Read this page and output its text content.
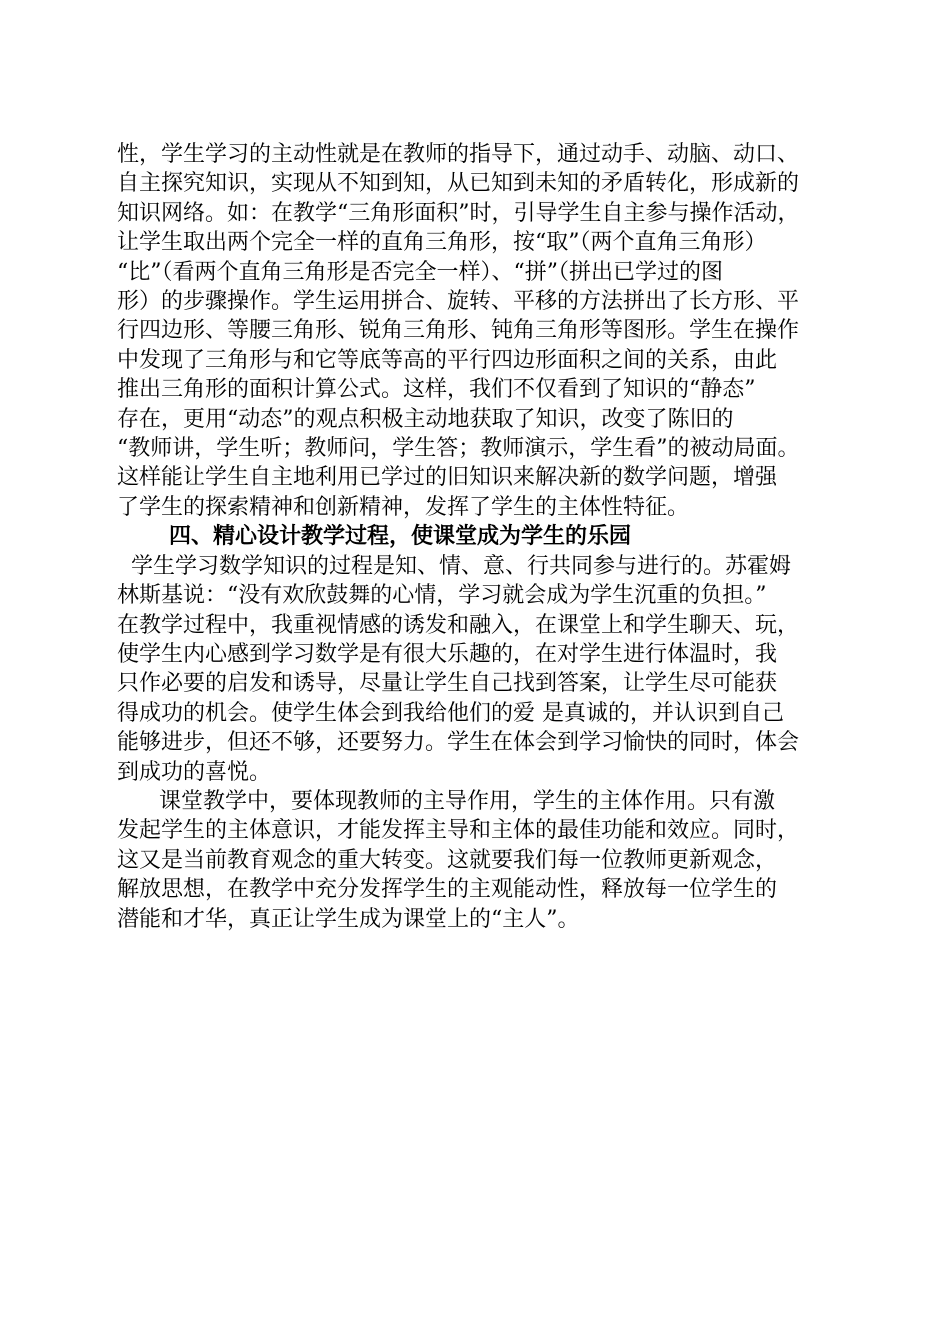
性，学生学习的主动性就是在教师的指导下，通过动手、动脑、动口、
自主探究知识，实现从不知到知，从已知到未知的矛盾转化，形成新的
知识网络。如：在教学“三角形面积”时，引导学生自主参与操作活动，
让学生取出两个完全一样的直角三角形，按“取”（两个直角三角形）
“比”（看两个直角三角形是否完全一样）、“拼”（拼出已学过的图
形）的步骤操作。学生运用拼合、旋转、平移的方法拼出了长方形、平
行四边形、等腰三角形、锐角三角形、钝角三角形等图形。学生在操作
中发现了三角形与和它等底等高的平行四边形面积之间的关系，由此
推出三角形的面积计算公式。这样，我们不仅看到了知识的“静态”
存在，更用“动态”的观点积极主动地获取了知识，改变了陈旧的
“教师讲，学生听；教师问，学生答；教师演示，学生看”的被动局面。
这样能让学生自主地利用已学过的旧知识来解决新的数学问题，增强
了学生的探索精神和创新精神，发挥了学生的主体性特征。
四、精心设计教学过程，使课堂成为学生的乐园
学生学习数学知识的过程是知、情、意、行共同参与进行的。苏霍姆
林斯基说：“没有欢欣鼓舞的心情，学习就会成为学生沉重的负担。”
在教学过程中，我重视情感的诱发和融入，在课堂上和学生聊天、玩，
使学生内心感到学习数学是有很大乐趣的，在对学生进行体温时，我
只作必要的启发和诱导，尽量让学生自己找到答案，让学生尽可能获
得成功的机会。使学生体会到我给他们的爱 是真诚的，并认识到自己
能够进步，但还不够，还要努力。学生在体会到学习愉快的同时，体会
到成功的喜悦。
课堂教学中，要体现教师的主导作用，学生的主体作用。只有激
发起学生的主体意识，才能发挥主导和主体的最佳功能和效应。同时，
这又是当前教育观念的重大转变。这就要我们每一位教师更新观念，
解放思想，在教学中充分发挥学生的主观能动性，释放每一位学生的
潜能和才华，真正让学生成为课堂上的“主人”。
